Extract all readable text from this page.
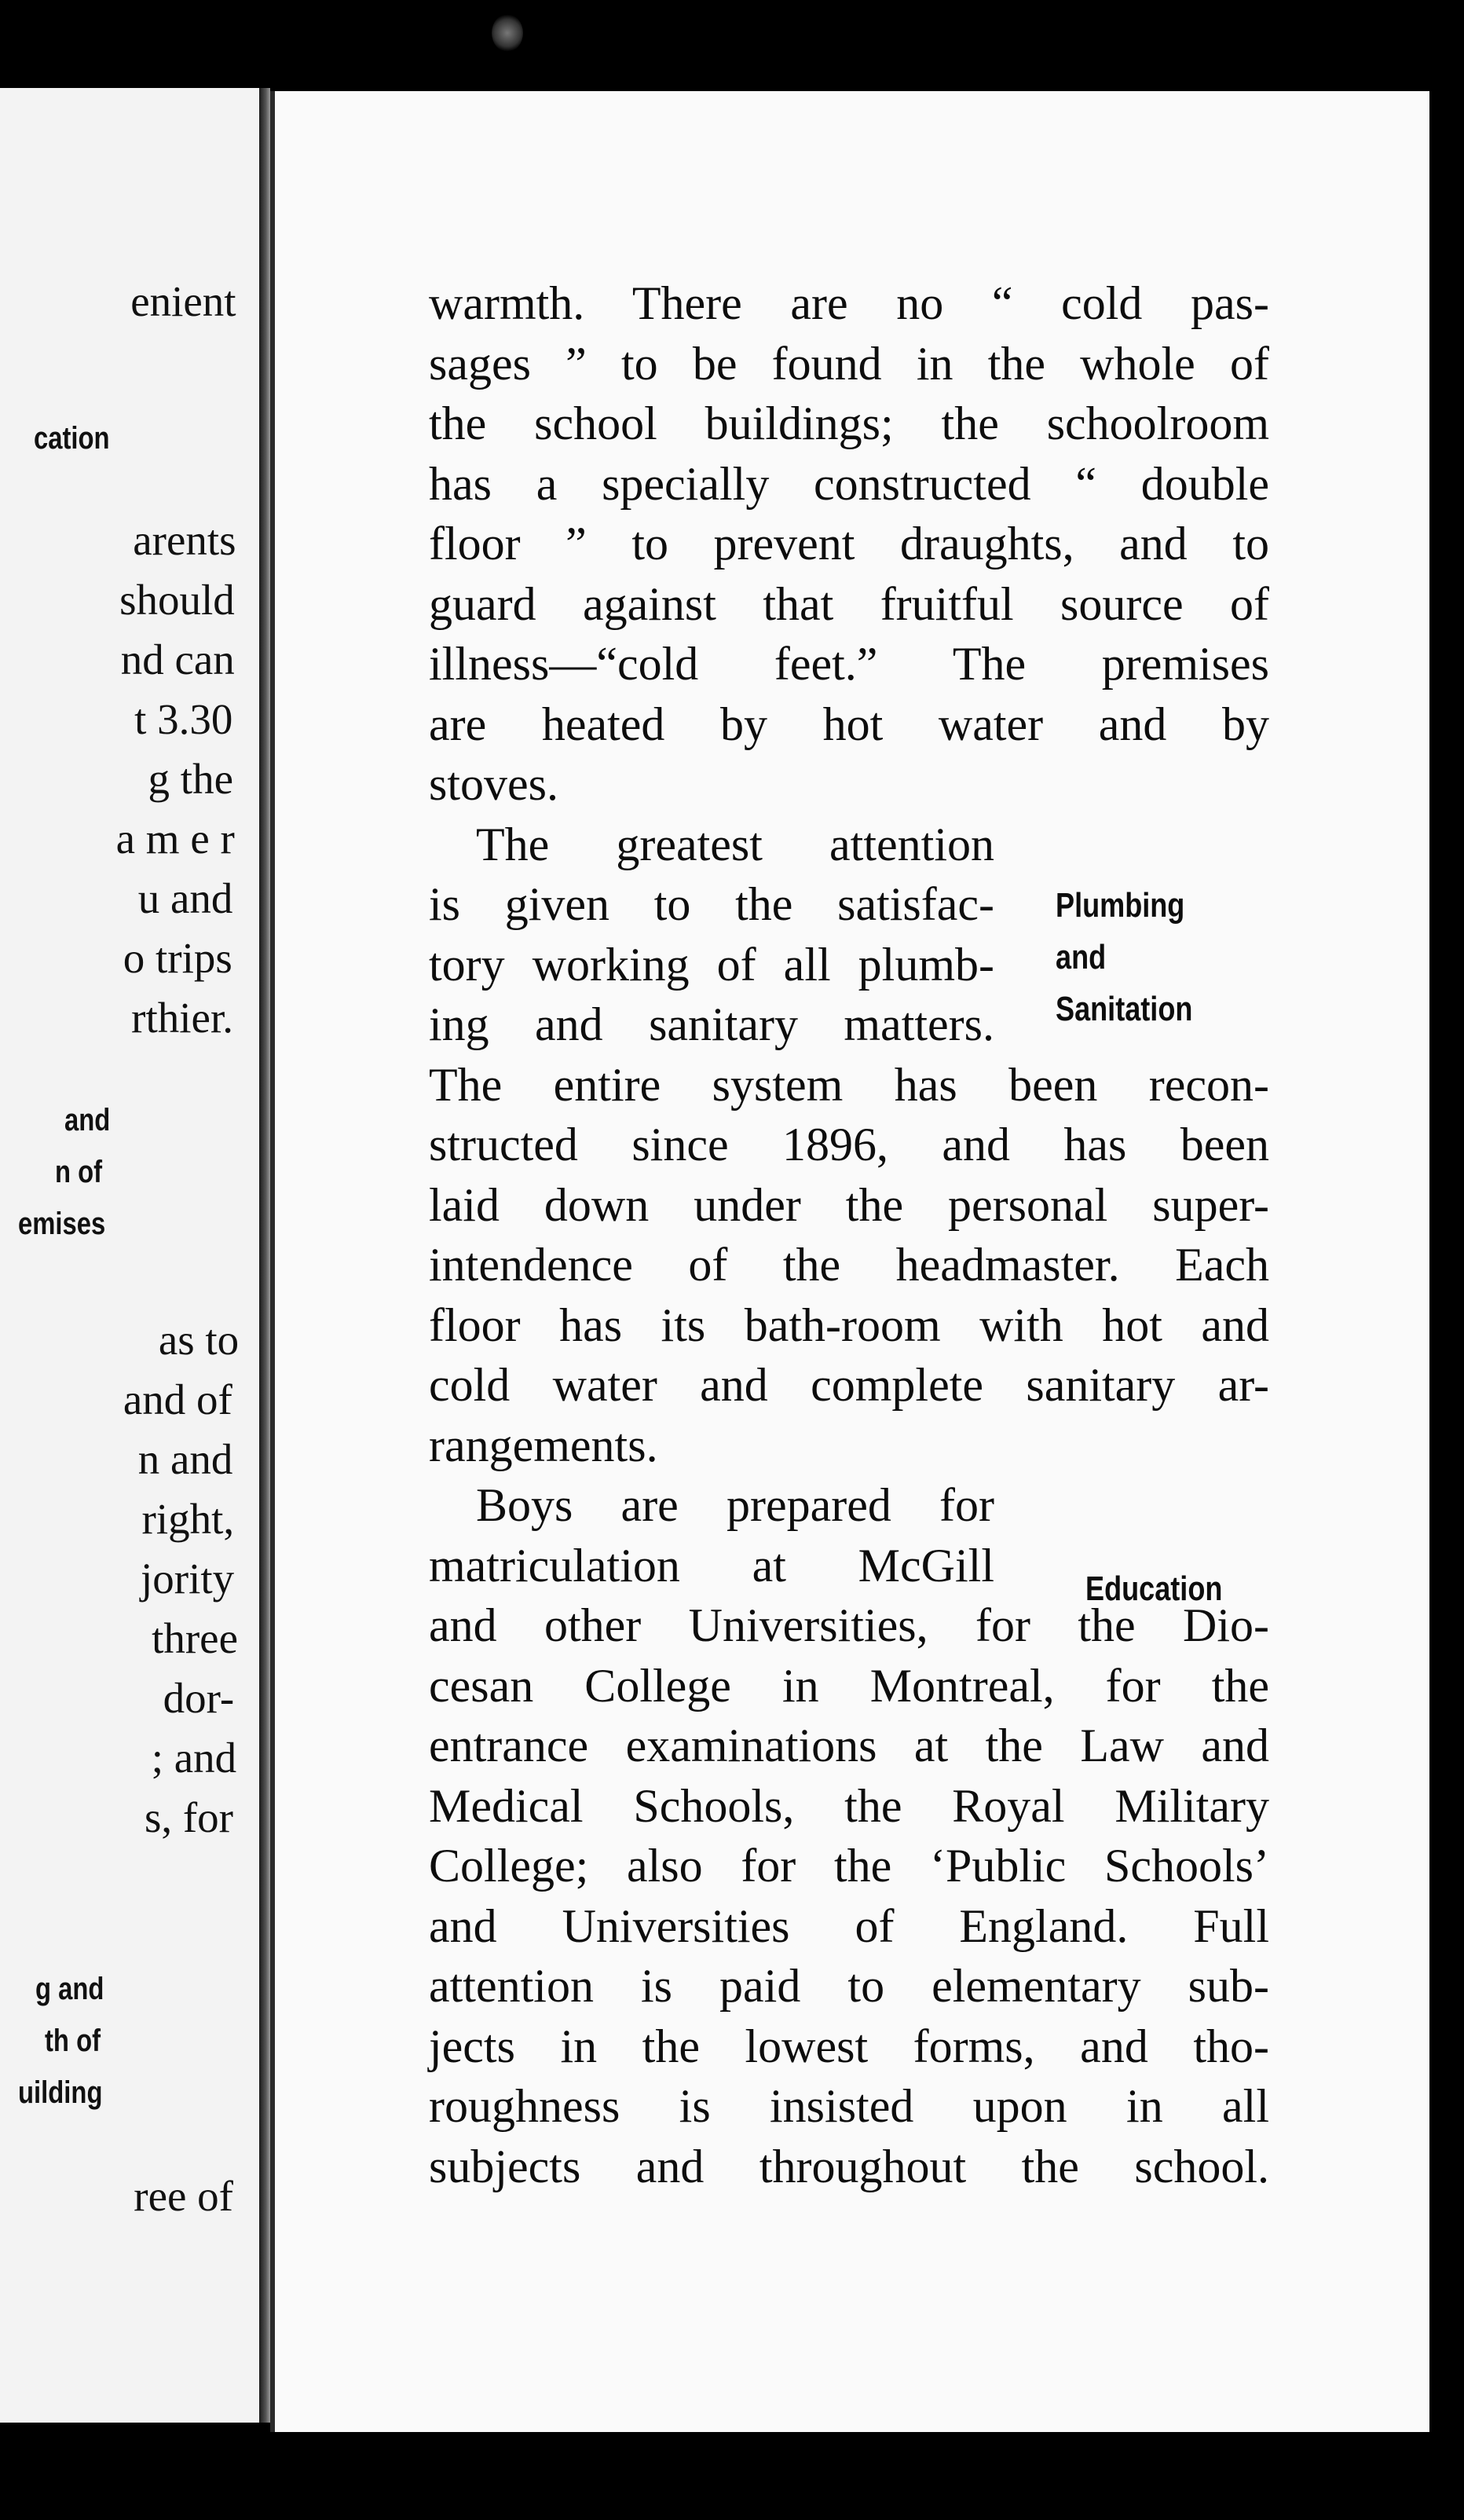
enient
cation
arents
should
nd can
t 3.30
g the
a m e r
u and
o trips
rthier.
and
n of
emises
as to
and of
n and
right,
jority
three
dor-
; and
s, for
g and
th of
uilding
ree of
warmth. There are no “ cold pas-
sages ” to be found in the whole of
the school buildings; the schoolroom
has a specially constructed “ double
floor ” to prevent draughts, and to
guard against that fruitful source of
illness—“cold feet.” The premises
are heated by hot water and by
stoves.
The greatest attention
is given to the satisfac-
tory working of all plumb-
ing and sanitary matters.
The entire system has been recon-
structed since 1896, and has been
laid down under the personal super-
intendence of the headmaster. Each
floor has its bath-room with hot and
cold water and complete sanitary ar-
rangements.
Boys are prepared for
matriculation at McGill
and other Universities, for the Dio-
cesan College in Montreal, for the
entrance examinations at the Law and
Medical Schools, the Royal Military
College; also for the ‘Public Schools’
and Universities of England. Full
attention is paid to elementary sub-
jects in the lowest forms, and tho-
roughness is insisted upon in all
subjects and throughout the school.
Plumbing
and
Sanitation
Education
